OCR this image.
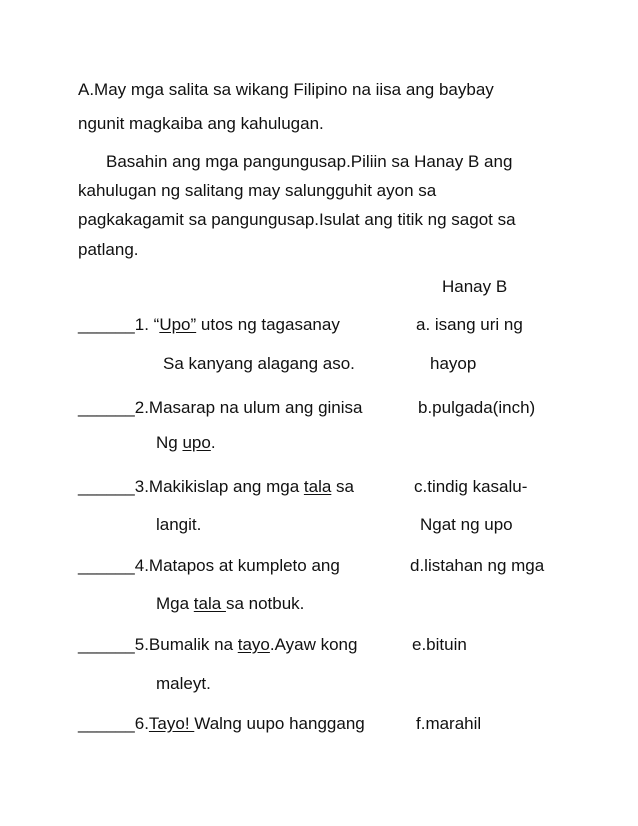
A.May mga salita sa wikang Filipino na iisa ang baybay
ngunit magkaiba ang kahulugan.
Basahin ang mga pangungusap.Piliin sa Hanay B ang
kahulugan ng salitang may salungguhit ayon sa
pagkakagamit sa pangungusap.Isulat ang titik ng sagot sa
patlang.
Hanay B
______1. “Upo” utos ng tagasanay
Sa kanyang alagang aso.
a. isang uri ng
hayop
______2.Masarap na ulum ang ginisa
Ng upo.
b.pulgada(inch)
______3.Makikislap ang mga tala sa
langit.
c.tindig kasalu-
Ngat ng upo
______4.Matapos at kumpleto ang
Mga tala sa notbuk.
d.listahan ng mga
______5.Bumalik na tayo.Ayaw kong
maleyt.
e.bituin
______6.Tayo! Walng uupo hanggang	f.marahil
